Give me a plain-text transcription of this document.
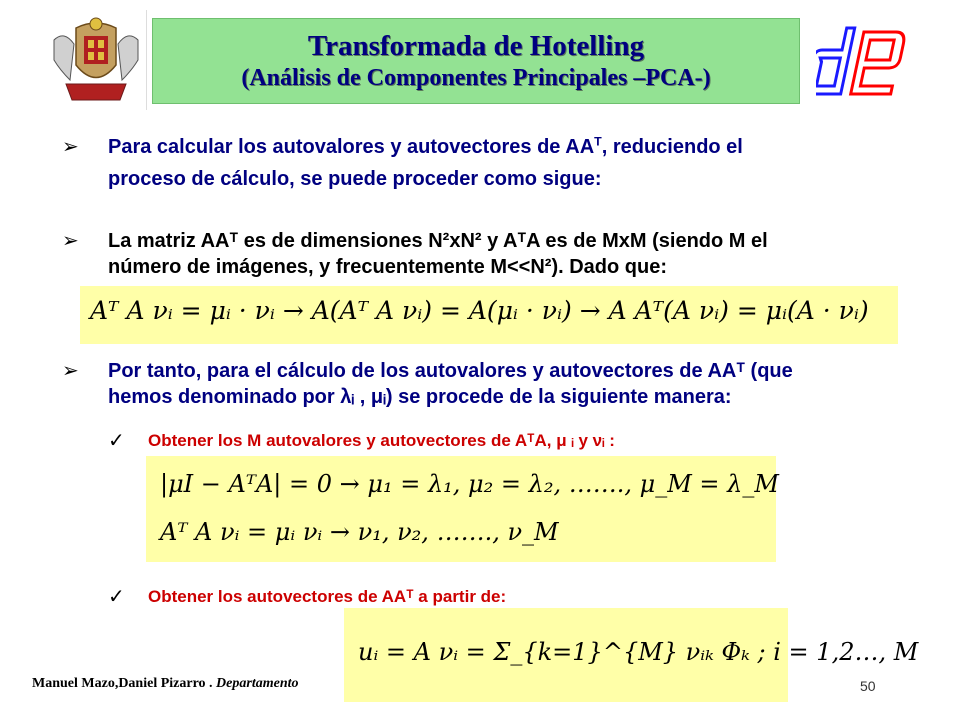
Transformada de Hotelling
(Análisis de Componentes Principales –PCA-)
➢ Para calcular los autovalores y autovectores de $AA^T$, reduciendo el
proceso de cálculo, se puede proceder como sigue:
➢ La matriz AAᵀ es de dimensiones N²xN² y AᵀA es de MxM (siendo M el
número de imágenes, y frecuentemente M<<N²). Dado que:
Aᵀ A νᵢ = μᵢ · νᵢ → A(Aᵀ A νᵢ) = A(μᵢ · νᵢ) → A Aᵀ(A νᵢ) = μᵢ(A · νᵢ)
➢ Por tanto, para el cálculo de los autovalores y autovectores de AAᵀ (que
hemos denominado por λᵢ , μᵢ) se procede de la siguiente manera:
✓ Obtener los M autovalores y autovectores de AᵀA, μ ᵢ y νᵢ :
|μI − AᵀA| = 0 → μ₁ = λ₁, μ₂ = λ₂, ……., μ_M = λ_M
Aᵀ A νᵢ = μᵢ νᵢ → ν₁, ν₂, ……., ν_M
✓ Obtener los autovectores de AAᵀ a partir de:
uᵢ = A νᵢ = Σ_{k=1}^{M} νᵢₖ Φₖ ; i = 1,2…, M
Manuel Mazo,Daniel Pizarro . Departamento	50
